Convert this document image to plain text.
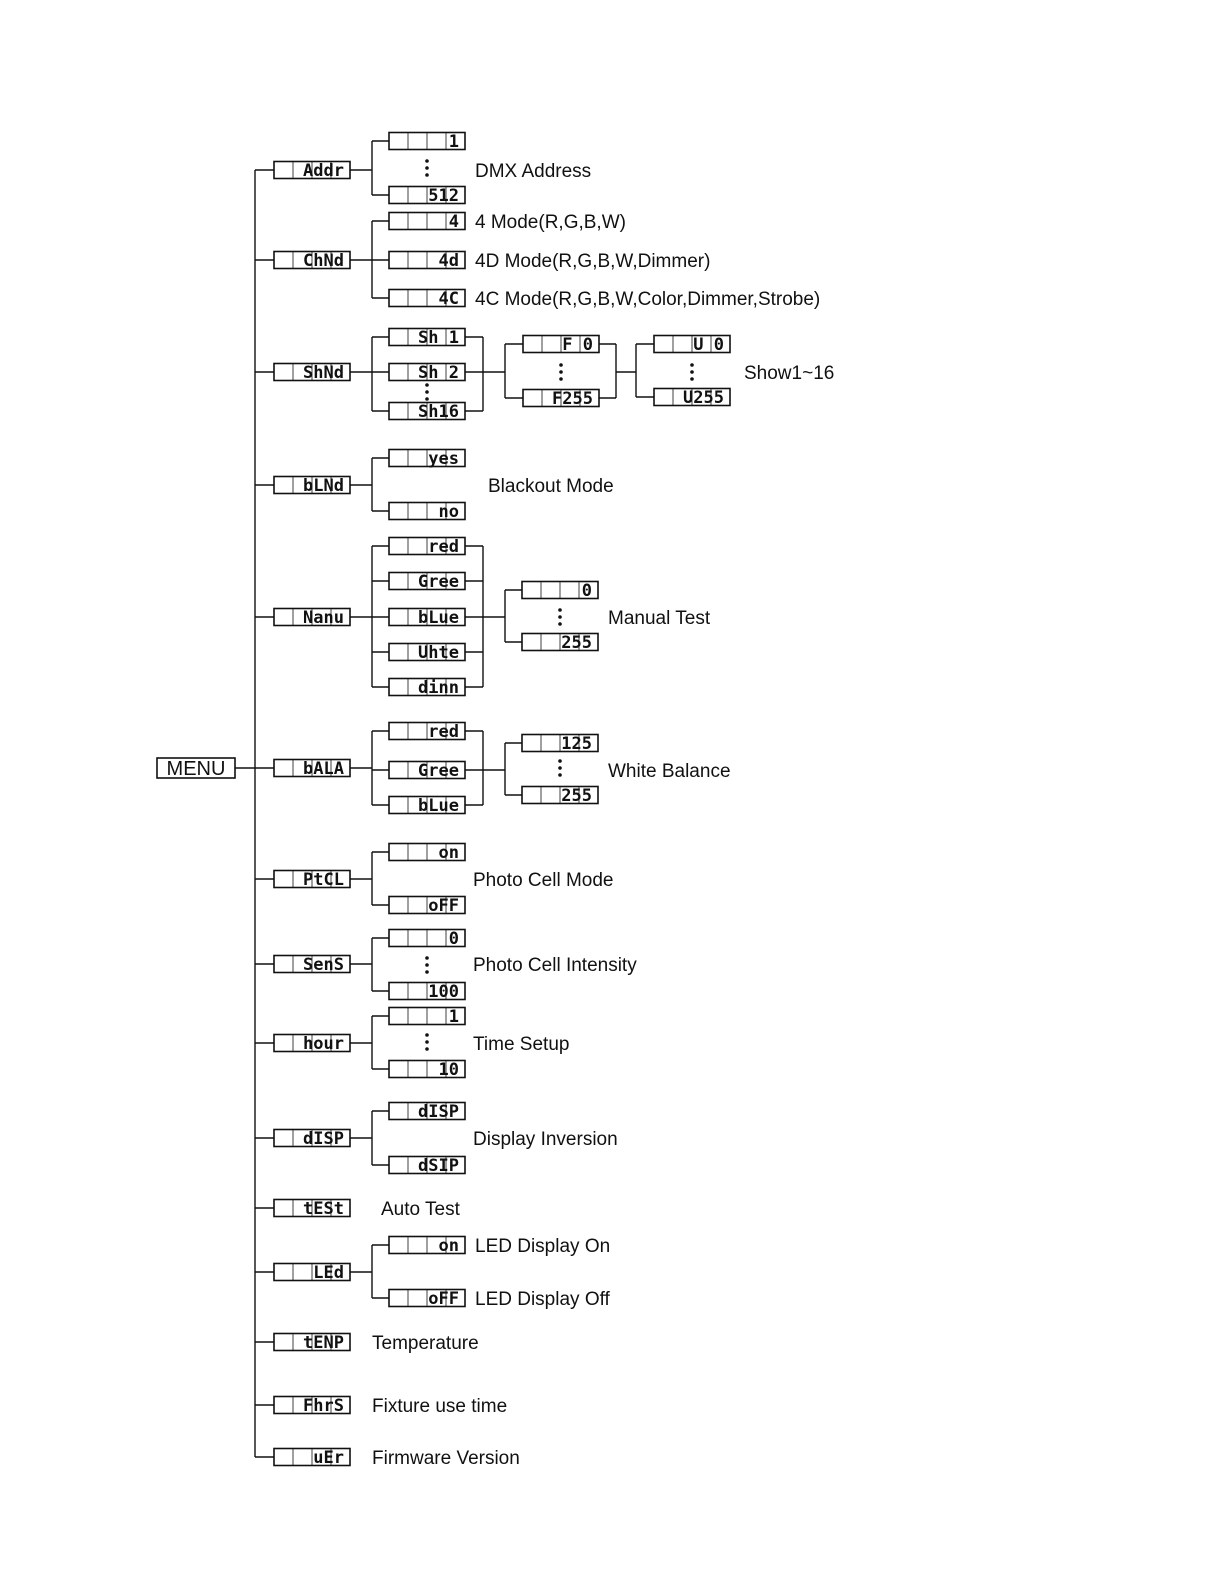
MENU
Addr
1
512
DMX Address
ChNd
4
4d
4C
4 Mode(R,G,B,W)
4D Mode(R,G,B,W,Dimmer)
4C Mode(R,G,B,W,Color,Dimmer,Strobe)
ShNd
Sh 1
Sh 2
Sh16
F 0
F255
U 0
U255
Show1~16
bLNd
yes
no
Blackout Mode
Nanu
red
Gree
bLue
Uhte
dinn
0
255
Manual Test
bALA
red
Gree
bLue
125
255
White Balance
PtCL
on
oFF
Photo Cell Mode
SenS
0
100
Photo Cell Intensity
hour
1
10
Time Setup
dISP
dISP
dSIP
Display Inversion
tESt Auto Test
LEd
on
oFF
LED Display On
LED Display Off
tENP Temperature
FhrS Fixture use time
uEr Firmware Version
